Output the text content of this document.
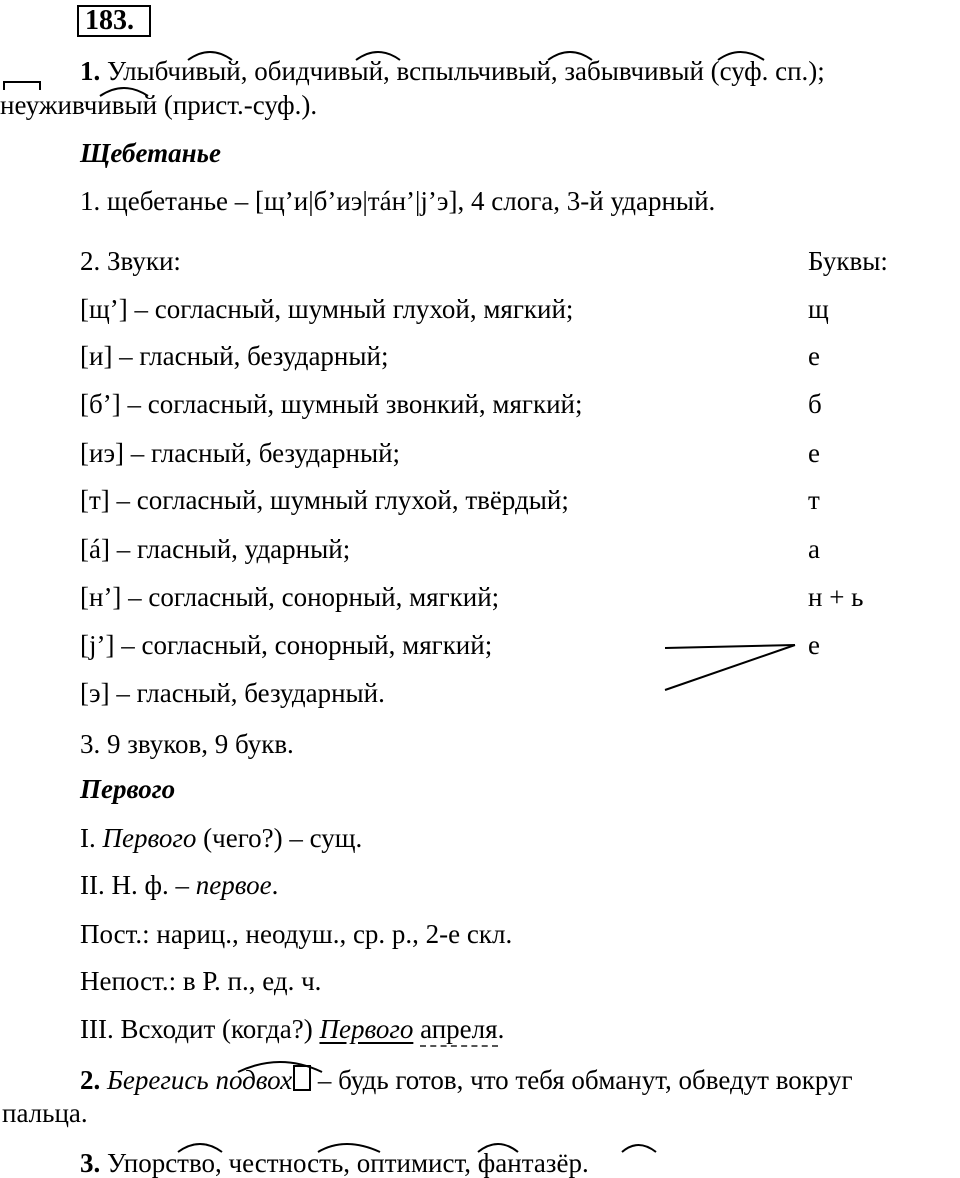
183.
1. Улыбчивый, обидчивый, вспыльчивый, забывчивый (суф. сп.);
неуживчивый (прист.-суф.).
Щебетанье
1. щебетанье – [щ’и|б’иэ|тáн’|j’э], 4 слога, 3-й ударный.
2. Звуки:	Буквы:
[щ’] – согласный, шумный глухой, мягкий;	щ
[и] – гласный, безударный;	е
[б’] – согласный, шумный звонкий, мягкий;	б
[иэ] – гласный, безударный;	е
[т] – согласный, шумный глухой, твёрдый;	т
[á] – гласный, ударный;	а
[н’] – согласный, сонорный, мягкий;	н + ь
[j’] – согласный, сонорный, мягкий;	е
[э] – гласный, безударный.
3. 9 звуков, 9 букв.
Первого
I. Первого (чего?) – сущ.
II. Н. ф. – первое.
Пост.: нариц., неодуш., ср. р., 2-е скл.
Непост.: в Р. п., ед. ч.
III. Всходит (когда?) Первого апреля.
2. Берегись подвох – будь готов, что тебя обманут, обведут вокруг
пальца.
3. Упорство, честность, оптимист, фантазёр.
